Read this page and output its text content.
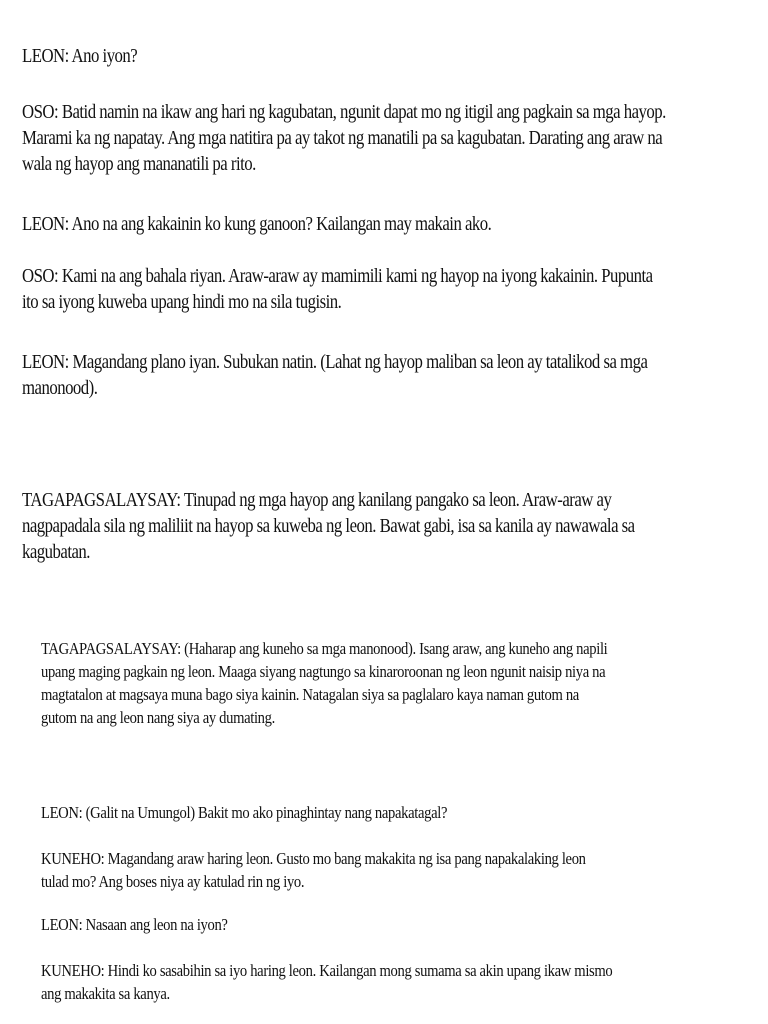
LEON: Ano iyon?

OSO: Batid namin na ikaw ang hari ng kagubatan, ngunit dapat mo ng itigil ang pagkain sa mga hayop.
Marami ka ng napatay. Ang mga natitira pa ay takot ng manatili pa sa kagubatan. Darating ang araw na
wala ng hayop ang mananatili pa rito.

LEON: Ano na ang kakainin ko kung ganoon? Kailangan may makain ako.

OSO: Kami na ang bahala riyan. Araw-araw ay mamimili kami ng hayop na iyong kakainin. Pupunta
ito sa iyong kuweba upang hindi mo na sila tugisin.

LEON: Magandang plano iyan. Subukan natin. (Lahat ng hayop maliban sa leon ay tatalikod sa mga
manonood).

TAGAPAGSALAYSAY: Tinupad ng mga hayop ang kanilang pangako sa leon. Araw-araw ay
nagpapadala sila ng maliliit na hayop sa kuweba ng leon. Bawat gabi, isa sa kanila ay nawawala sa
kagubatan.

TAGAPAGSALAYSAY: (Haharap ang kuneho sa mga manonood). Isang araw, ang kuneho ang napili
upang maging pagkain ng leon. Maaga siyang nagtungo sa kinaroroonan ng leon ngunit naisip niya na
magtatalon at magsaya muna bago siya kainin. Natagalan siya sa paglalaro kaya naman gutom na
gutom na ang leon nang siya ay dumating.

LEON: (Galit na Umungol) Bakit mo ako pinaghintay nang napakatagal?

KUNEHO: Magandang araw haring leon. Gusto mo bang makakita ng isa pang napakalaking leon
tulad mo? Ang boses niya ay katulad rin ng iyo.

LEON: Nasaan ang leon na iyon?

KUNEHO: Hindi ko sasabihin sa iyo haring leon. Kailangan mong sumama sa akin upang ikaw mismo
ang makakita sa kanya.
